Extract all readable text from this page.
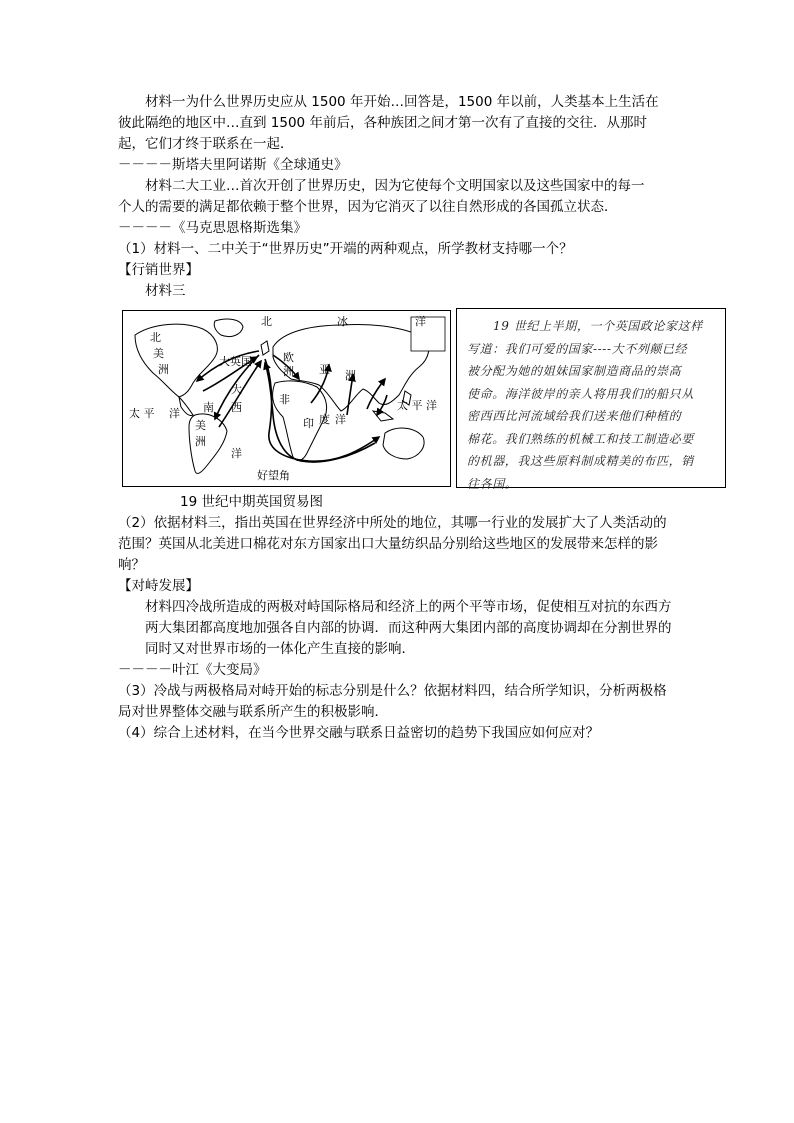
材料一为什么世界历史应从 1500 年开始…回答是，1500 年以前，人类基本上生活在
彼此隔绝的地区中…直到 1500 年前后，各种族团之间才第一次有了直接的交往．从那时
起，它们才终于联系在一起．
－－－－斯塔夫里阿诺斯《全球通史》
材料二大工业…首次开创了世界历史，因为它使每个文明国家以及这些国家中的每一
个人的需要的满足都依赖于整个世界，因为它消灭了以往自然形成的各国孤立状态．
－－－－《马克思恩格斯选集》
（1）材料一、二中关于“世界历史”开端的两种观点，所学教材支持哪一个？
【行销世界】
材料三
北	冰	洋
北
美
洲
大英国	欧
洲 亚 洲
太 平 洋 南
美
洲
大
西
洋
非
印 度 洋
太 平 洋
好望角
19 世纪上半期，一个英国政论家这样
写道：我们可爱的国家----大不列颠已经
被分配为她的姐妹国家制造商品的崇高
使命。海洋彼岸的亲人将用我们的船只从
密西西比河流域给我们送来他们种植的
棉花。我们熟练的机械工和技工制造必要
的机器，我这些原料制成精美的布匹，销
往各国。
19 世纪中期英国贸易图
（2）依据材料三，指出英国在世界经济中所处的地位，其哪一行业的发展扩大了人类活动的范围？英国从北美进口棉花对东方国家出口大量纺织品分别给这些地区的发展带来怎样的影响？
【对峙发展】
材料四冷战所造成的两极对峙国际格局和经济上的两个平等市场，促使相互对抗的东西方两大集团都高度地加强各自内部的协调．而这种两大集团内部的高度协调却在分割世界的同时又对世界市场的一体化产生直接的影响．
－－－－叶江《大变局》
（3）冷战与两极格局对峙开始的标志分别是什么？依据材料四，结合所学知识，分析两极格局对世界整体交融与联系所产生的积极影响．
（4）综合上述材料，在当今世界交融与联系日益密切的趋势下我国应如何应对？
